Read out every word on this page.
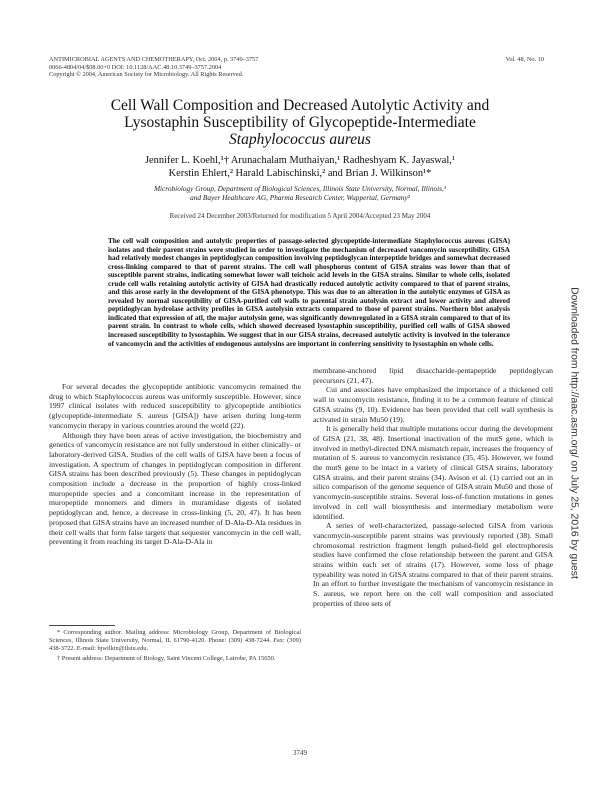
ANTIMICROBIAL AGENTS AND CHEMOTHERAPY, Oct. 2004, p. 3749–3757
0066-4804/04/$08.00+0 DOI: 10.1128/AAC.48.10.3749–3757.2004
Copyright © 2004, American Society for Microbiology. All Rights Reserved.
Vol. 48, No. 10
Cell Wall Composition and Decreased Autolytic Activity and
Lysostaphin Susceptibility of Glycopeptide-Intermediate
Staphylococcus aureus
Jennifer L. Koehl,¹† Arunachalam Muthaiyan,¹ Radheshyam K. Jayaswal,¹
Kerstin Ehlert,² Harald Labischinski,² and Brian J. Wilkinson¹*
Microbiology Group, Department of Biological Sciences, Illinois State University, Normal, Illinois,¹
and Bayer Healthcare AG, Pharma Research Center, Wuppertal, Germany²
Received 24 December 2003/Returned for modification 5 April 2004/Accepted 23 May 2004
The cell wall composition and autolytic properties of passage-selected glycopeptide-intermediate Staphylococcus aureus (GISA) isolates and their parent strains were studied in order to investigate the mechanism of decreased vancomycin susceptibility. GISA had relatively modest changes in peptidoglycan composition involving peptidoglycan interpeptide bridges and somewhat decreased cross-linking compared to that of parent strains. The cell wall phosphorus content of GISA strains was lower than that of susceptible parent strains, indicating somewhat lower wall teichoic acid levels in the GISA strains. Similar to whole cells, isolated crude cell walls retaining autolytic activity of GISA had drastically reduced autolytic activity compared to that of parent strains, and this arose early in the development of the GISA phenotype. This was due to an alteration in the autolytic enzymes of GISA as revealed by normal susceptibility of GISA-purified cell walls to parental strain autolysin extract and lower activity and altered peptidoglycan hydrolase activity profiles in GISA autolysin extracts compared to those of parent strains. Northern blot analysis indicated that expression of atl, the major autolysin gene, was significantly downregulated in a GISA strain compared to that of its parent strain. In contrast to whole cells, which showed decreased lysostaphin susceptibility, purified cell walls of GISA showed increased susceptibility to lysostaphin. We suggest that in our GISA strains, decreased autolytic activity is involved in the tolerance of vancomycin and the activities of endogenous autolysins are important in conferring sensitivity to lysostaphin on whole cells.

For several decades the glycopeptide antibiotic vancomycin remained the drug to which Staphylococcus aureus was uniformly susceptible. However, since 1997 clinical isolates with reduced susceptibility to glycopeptide antibiotics (glycopeptide-intermediate S. aureus [GISA]) have arisen during long-term vancomycin therapy in various countries around the world (22).

Although they have been areas of active investigation, the biochemistry and genetics of vancomycin resistance are not fully understood in either clinically- or laboratory-derived GISA. Studies of the cell walls of GISA have been a focus of investigation. A spectrum of changes in peptidoglycan composition in different GISA strains has been described previously (5). These changes in peptidoglycan composition include a decrease in the proportion of highly cross-linked muropeptide species and a concomitant increase in the representation of muropeptide monomers and dimers in muramidase digests of isolated peptidoglycan and, hence, a decrease in cross-linking (5, 20, 47). It has been proposed that GISA strains have an increased number of D-Ala-D-Ala residues in their cell walls that form false targets that sequester vancomycin in the cell wall, preventing it from reaching its target D-Ala-D-Ala in

membrane-anchored lipid disaccharide-pentapeptide peptidoglycan precursors (21, 47).

Cui and associates have emphasized the importance of a thickened cell wall in vancomycin resistance, finding it to be a common feature of clinical GISA strains (9, 10). Evidence has been provided that cell wall synthesis is activated in strain Mu50 (19).

It is generally held that multiple mutations occur during the development of GISA (21, 38, 48). Insertional inactivation of the mutS gene, which is involved in methyl-directed DNA mismatch repair, increases the frequency of mutation of S. aureus to vancomycin resistance (35, 45). However, we found the mutS gene to be intact in a variety of clinical GISA strains, laboratory GISA strains, and their parent strains (34). Avison et al. (1) carried out an in silico comparison of the genome sequence of GISA strain Mu50 and those of vancomycin-susceptible strains. Several loss-of-function mutations in genes involved in cell wall biosynthesis and intermediary metabolism were identified.

A series of well-characterized, passage-selected GISA from various vancomycin-susceptible parent strains was previously reported (38). Small chromosomal restriction fragment length pulsed-field gel electrophoresis studies have confirmed the close relationship between the parent and GISA strains within each set of strains (17). However, some loss of phage typeability was noted in GISA strains compared to that of their parent strains. In an effort to further investigate the mechanism of vancomycin resistance in S. aureus, we report here on the cell wall composition and associated properties of three sets of

* Corresponding author. Mailing address: Microbiology Group, Department of Biological Sciences, Illinois State University, Normal, IL 61790-4120. Phone: (309) 438-7244. Fax: (309) 438-3722. E-mail: bjwilkin@ilstu.edu.

† Present address: Department of Biology, Saint Vincent College, Latrobe, PA 15650.

3749
Downloaded from http://aac.asm.org/ on July 25, 2016 by guest
